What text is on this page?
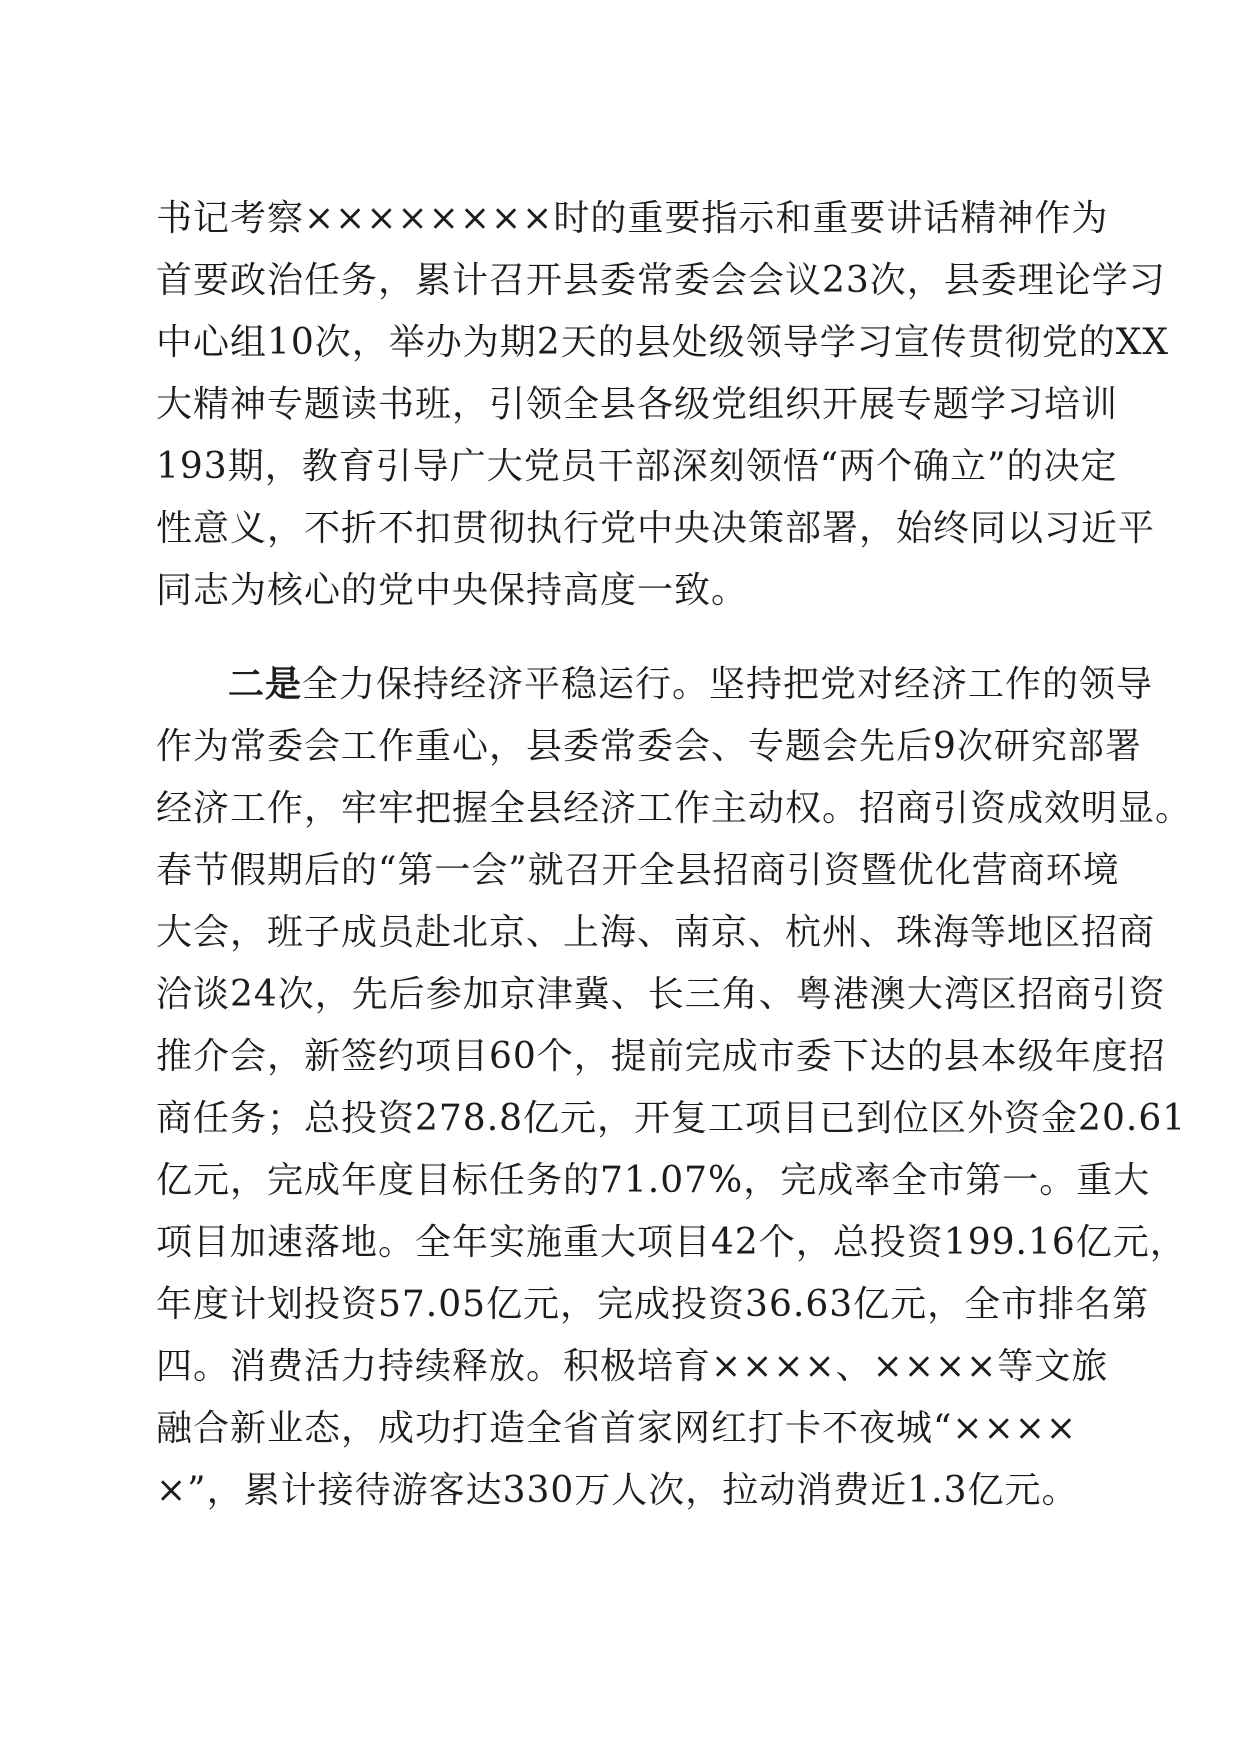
书记考察××××××××时的重要指示和重要讲话精神作为
首要政治任务，累计召开县委常委会会议23次，县委理论学习
中心组10次，举办为期2天的县处级领导学习宣传贯彻党的XX
大精神专题读书班，引领全县各级党组织开展专题学习培训
193期，教育引导广大党员干部深刻领悟“两个确立”的决定
性意义，不折不扣贯彻执行党中央决策部署，始终同以习近平
同志为核心的党中央保持高度一致。
二是全力保持经济平稳运行。坚持把党对经济工作的领导
作为常委会工作重心，县委常委会、专题会先后9次研究部署
经济工作，牢牢把握全县经济工作主动权。招商引资成效明显。
春节假期后的“第一会”就召开全县招商引资暨优化营商环境
大会，班子成员赴北京、上海、南京、杭州、珠海等地区招商
洽谈24次，先后参加京津冀、长三角、粤港澳大湾区招商引资
推介会，新签约项目60个，提前完成市委下达的县本级年度招
商任务；总投资278.8亿元，开复工项目已到位区外资金20.61
亿元，完成年度目标任务的71.07%，完成率全市第一。重大
项目加速落地。全年实施重大项目42个，总投资199.16亿元，
年度计划投资57.05亿元，完成投资36.63亿元，全市排名第
四。消费活力持续释放。积极培育××××、××××等文旅
融合新业态，成功打造全省首家网红打卡不夜城“××××
×”，累计接待游客达330万人次，拉动消费近1.3亿元。
